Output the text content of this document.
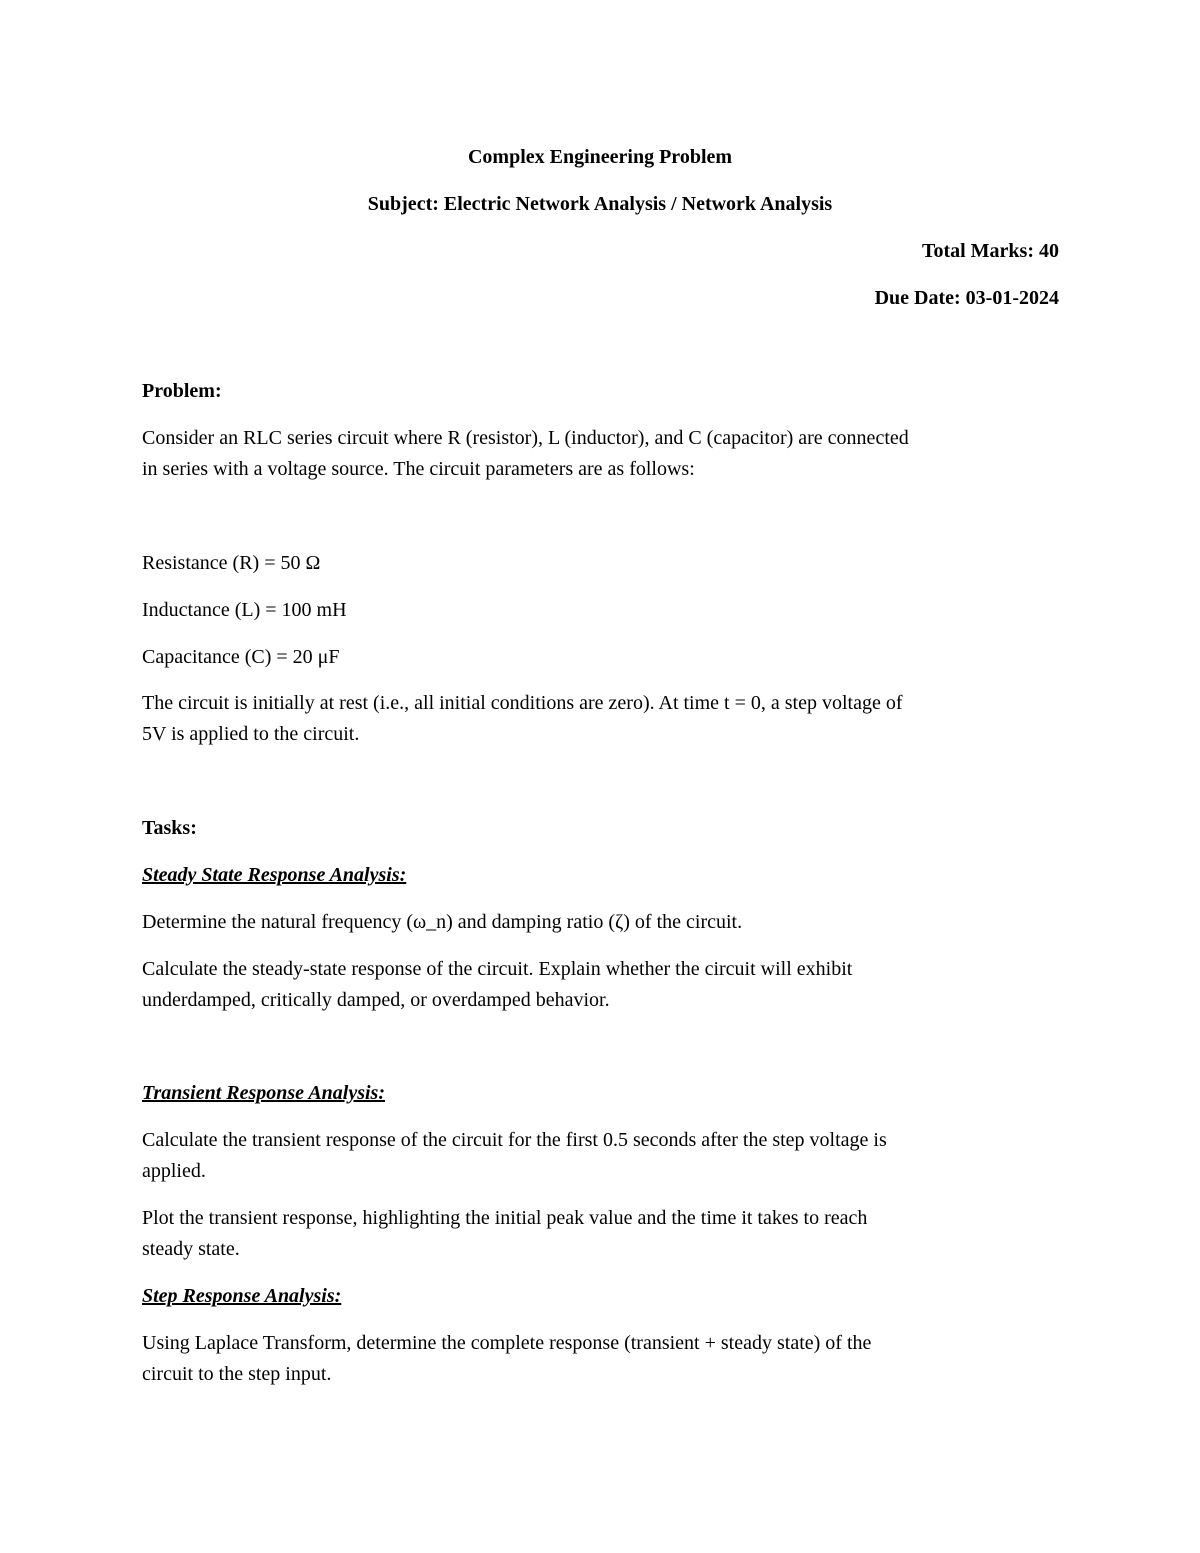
Complex Engineering Problem
Subject: Electric Network Analysis / Network Analysis
Total Marks: 40
Due Date: 03-01-2024
Problem:
Consider an RLC series circuit where R (resistor), L (inductor), and C (capacitor) are connected
in series with a voltage source. The circuit parameters are as follows:
Resistance (R) = 50 Ω
Inductance (L) = 100 mH
Capacitance (C) = 20 μF
The circuit is initially at rest (i.e., all initial conditions are zero). At time t = 0, a step voltage of
5V is applied to the circuit.
Tasks:
Steady State Response Analysis:
Determine the natural frequency (ω_n) and damping ratio (ζ) of the circuit.
Calculate the steady-state response of the circuit. Explain whether the circuit will exhibit
underdamped, critically damped, or overdamped behavior.
Transient Response Analysis:
Calculate the transient response of the circuit for the first 0.5 seconds after the step voltage is
applied.
Plot the transient response, highlighting the initial peak value and the time it takes to reach
steady state.
Step Response Analysis:
Using Laplace Transform, determine the complete response (transient + steady state) of the
circuit to the step input.
